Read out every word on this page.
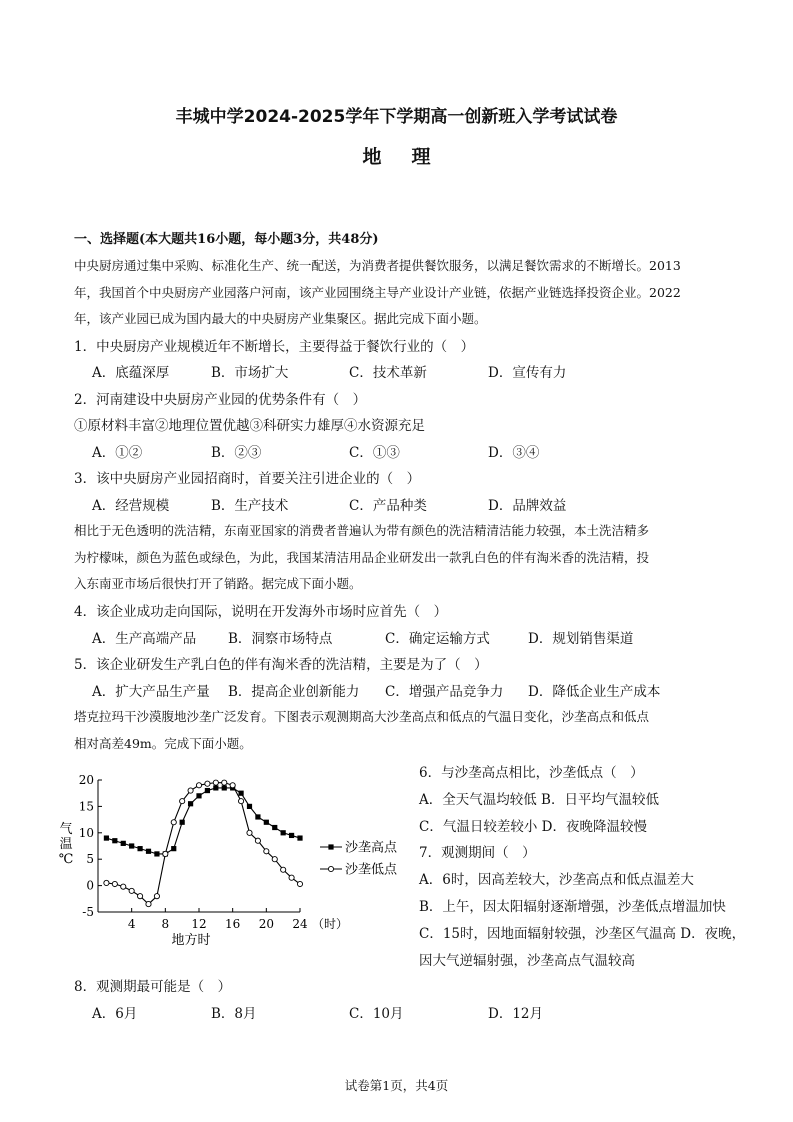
丰城中学2024-2025学年下学期高一创新班入学考试试卷
地理
一、选择题(本大题共16小题，每小题3分，共48分)
中央厨房通过集中采购、标准化生产、统一配送，为消费者提供餐饮服务，以满足餐饮需求的不断增长。2013
年，我国首个中央厨房产业园落户河南，该产业园围绕主导产业设计产业链，依据产业链选择投资企业。2022
年，该产业园已成为国内最大的中央厨房产业集聚区。据此完成下面小题。
1．中央厨房产业规模近年不断增长，主要得益于餐饮行业的（　）
A．底蕴深厚	B．市场扩大	C．技术革新	D．宣传有力
2．河南建设中央厨房产业园的优势条件有（　）
①原材料丰富②地理位置优越③科研实力雄厚④水资源充足
A．①②	B．②③	C．①③	D．③④
3．该中央厨房产业园招商时，首要关注引进企业的（　）
A．经营规模	B．生产技术	C．产品种类	D．品牌效益
相比于无色透明的洗洁精，东南亚国家的消费者普遍认为带有颜色的洗洁精清洁能力较强，本土洗洁精多
为柠檬味，颜色为蓝色或绿色，为此，我国某清洁用品企业研发出一款乳白色的伴有淘米香的洗洁精，投
入东南亚市场后很快打开了销路。据完成下面小题。
4．该企业成功走向国际，说明在开发海外市场时应首先（　）
A．生产高端产品 B．洞察市场特点	C．确定运输方式	D．规划销售渠道
5．该企业研发生产乳白色的伴有淘米香的洗洁精，主要是为了（　）
A．扩大产品生产量 B．提高企业创新能力 C．增强产品竞争力 D．降低企业生产成本
塔克拉玛干沙漠腹地沙垄广泛发育。下图表示观测期高大沙垄高点和低点的气温日变化，沙垄高点和低点
相对高差49m。完成下面小题。
-5
0
5
10
15
20
4 8 12 16 20 24 （时）
地方时
气
温
℃
沙垄高点
沙垄低点
6．与沙垄高点相比，沙垄低点（　）
A．全天气温均较低 B．日平均气温较低
C．气温日较差较小 D．夜晚降温较慢
7．观测期间（　）
A．6时，因高差较大，沙垄高点和低点温差大
B．上午，因太阳辐射逐渐增强，沙垄低点增温加快
C．15时，因地面辐射较强，沙垄区气温高 D．夜晚，
因大气逆辐射强，沙垄高点气温较高
8．观测期最可能是（　）
A．6月	B．8月	C．10月	D．12月
试卷第1页，共4页
